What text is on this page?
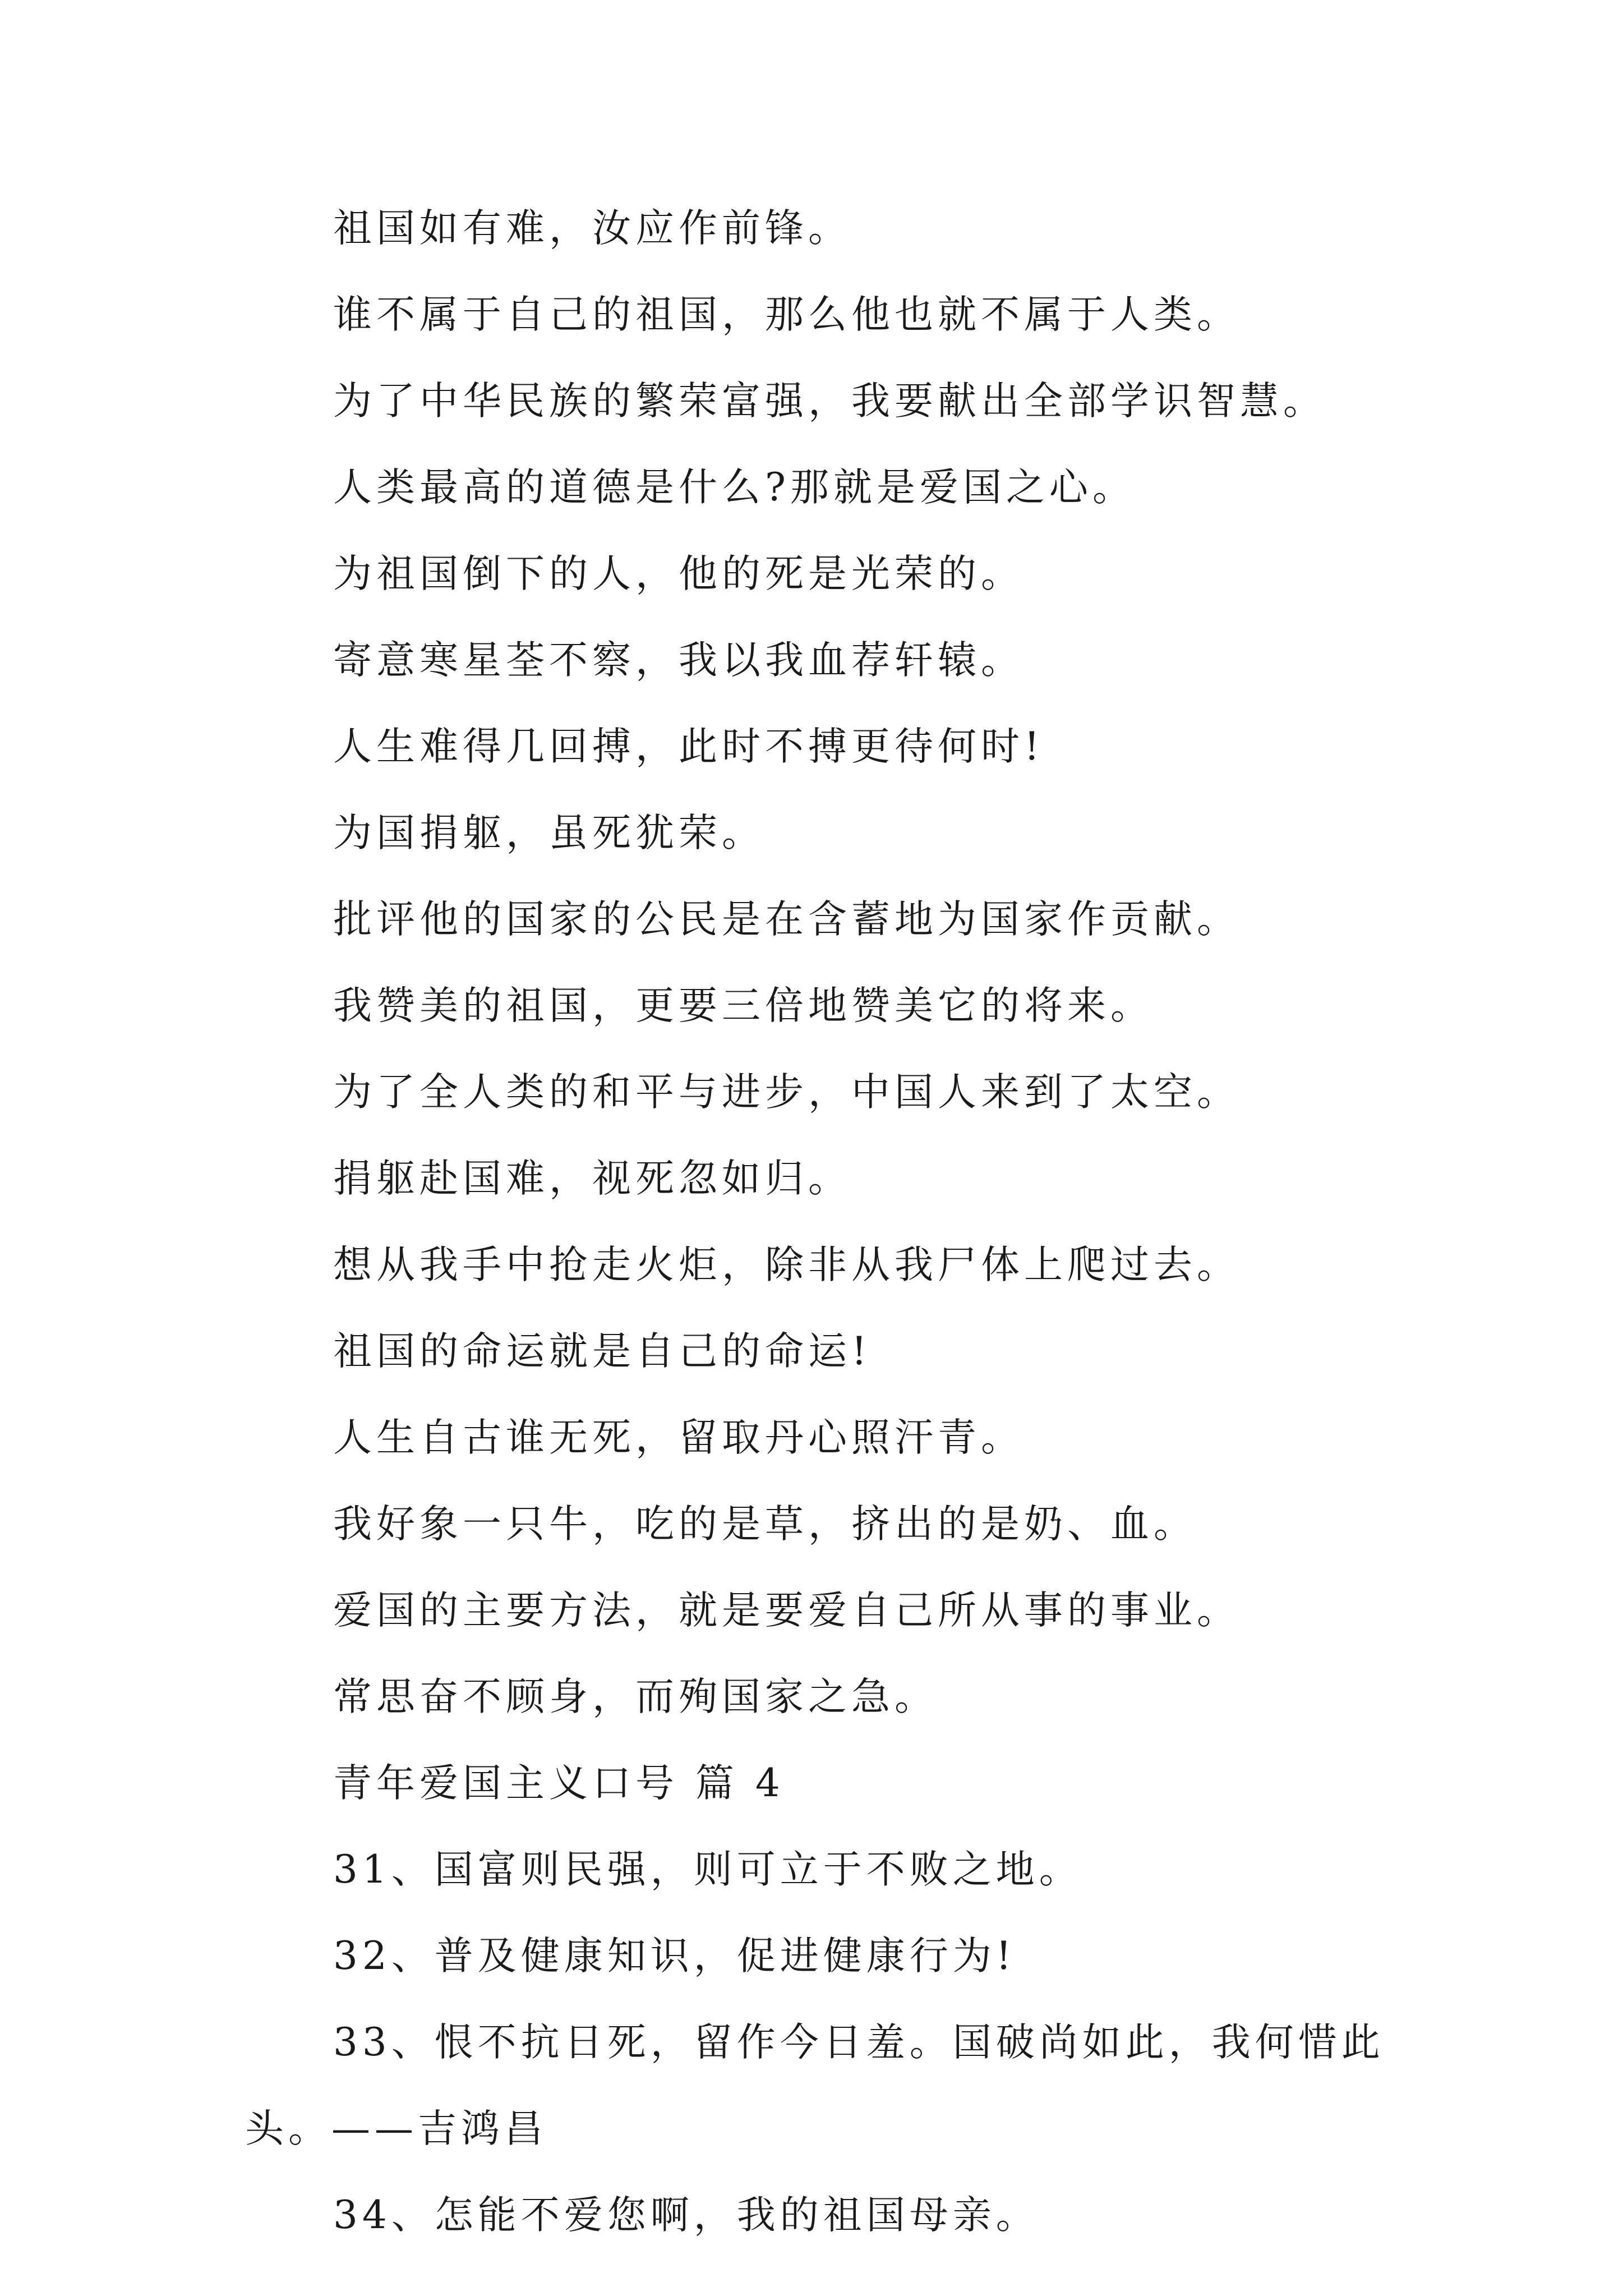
祖国如有难，汝应作前锋。
谁不属于自己的祖国，那么他也就不属于人类。
为了中华民族的繁荣富强，我要献出全部学识智慧。
人类最高的道德是什么?那就是爱国之心。
为祖国倒下的人，他的死是光荣的。
寄意寒星荃不察，我以我血荐轩辕。
人生难得几回搏，此时不搏更待何时!
为国捐躯，虽死犹荣。
批评他的国家的公民是在含蓄地为国家作贡献。
我赞美的祖国，更要三倍地赞美它的将来。
为了全人类的和平与进步，中国人来到了太空。
捐躯赴国难，视死忽如归。
想从我手中抢走火炬，除非从我尸体上爬过去。
祖国的命运就是自己的命运!
人生自古谁无死，留取丹心照汗青。
我好象一只牛，吃的是草，挤出的是奶、血。
爱国的主要方法，就是要爱自己所从事的事业。
常思奋不顾身，而殉国家之急。
青年爱国主义口号 篇 4
31、国富则民强，则可立于不败之地。
32、普及健康知识，促进健康行为!
33、恨不抗日死，留作今日羞。国破尚如此，我何惜此
头。——吉鸿昌
34、怎能不爱您啊，我的祖国母亲。
